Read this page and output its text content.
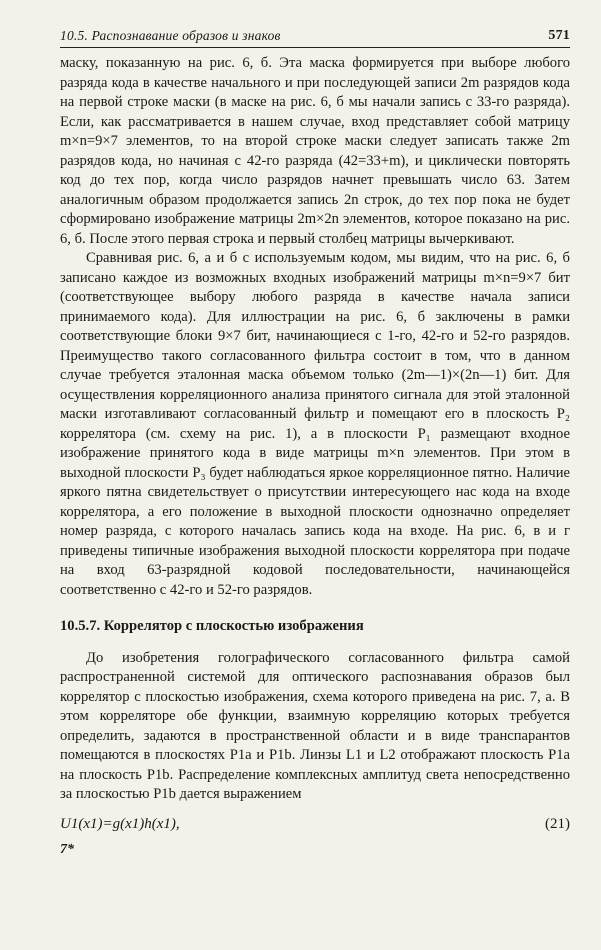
10.5. Распознавание образов и знаков	571

маску, показанную на рис. 6, б. Эта маска формируется при выборе любого разряда кода в качестве начального и при последующей записи 2m разрядов кода на первой строке маски (в маске на рис. 6, б мы начали запись с 33-го разряда). Если, как рассматривается в нашем случае, вход представляет собой матрицу m×n=9×7 элементов, то на второй строке маски следует записать также 2m разрядов кода, но начиная с 42-го разряда (42=33+m), и циклически повторять код до тех пор, когда число разрядов начнет превышать число 63. Затем аналогичным образом продолжается запись 2n строк, до тех пор пока не будет сформировано изображение матрицы 2m×2n элементов, которое показано на рис. 6, б. После этого первая строка и первый столбец матрицы вычеркивают.

Сравнивая рис. 6, а и б с используемым кодом, мы видим, что на рис. 6, б записано каждое из возможных входных изображений матрицы m×n=9×7 бит (соответствующее выбору любого разряда в качестве начала записи принимаемого кода). Для иллюстрации на рис. 6, б заключены в рамки соответствующие блоки 9×7 бит, начинающиеся с 1-го, 42-го и 52-го разрядов. Преимущество такого согласованного фильтра состоит в том, что в данном случае требуется эталонная маска объемом только (2m—1)×(2n—1) бит. Для осуществления корреляционного анализа принятого сигнала для этой эталонной маски изготавливают согласованный фильтр и помещают его в плоскость P₂ коррелятора (см. схему на рис. 1), а в плоскости P₁ размещают входное изображение принятого кода в виде матрицы m×n элементов. При этом в выходной плоскости P₃ будет наблюдаться яркое корреляционное пятно. Наличие яркого пятна свидетельствует о присутствии интересующего нас кода на входе коррелятора, а его положение в выходной плоскости однозначно определяет номер разряда, с которого началась запись кода на входе. На рис. 6, в и г приведены типичные изображения выходной плоскости коррелятора при подаче на вход 63-разрядной кодовой последовательности, начинающейся соответственно с 42-го и 52-го разрядов.

10.5.7. Коррелятор с плоскостью изображения

До изобретения голографического согласованного фильтра самой распространенной системой для оптического распознавания образов был коррелятор с плоскостью изображения, схема которого приведена на рис. 7, а. В этом корреляторе обе функции, взаимную корреляцию которых требуется определить, задаются в пространственной области и в виде транспарантов помещаются в плоскостях P1a и P1b. Линзы L1 и L2 отображают плоскость P1a на плоскость P1b. Распределение комплексных амплитуд света непосредственно за плоскостью P1b дается выражением

U1(x1)=g(x1)h(x1),	(21)
7*
